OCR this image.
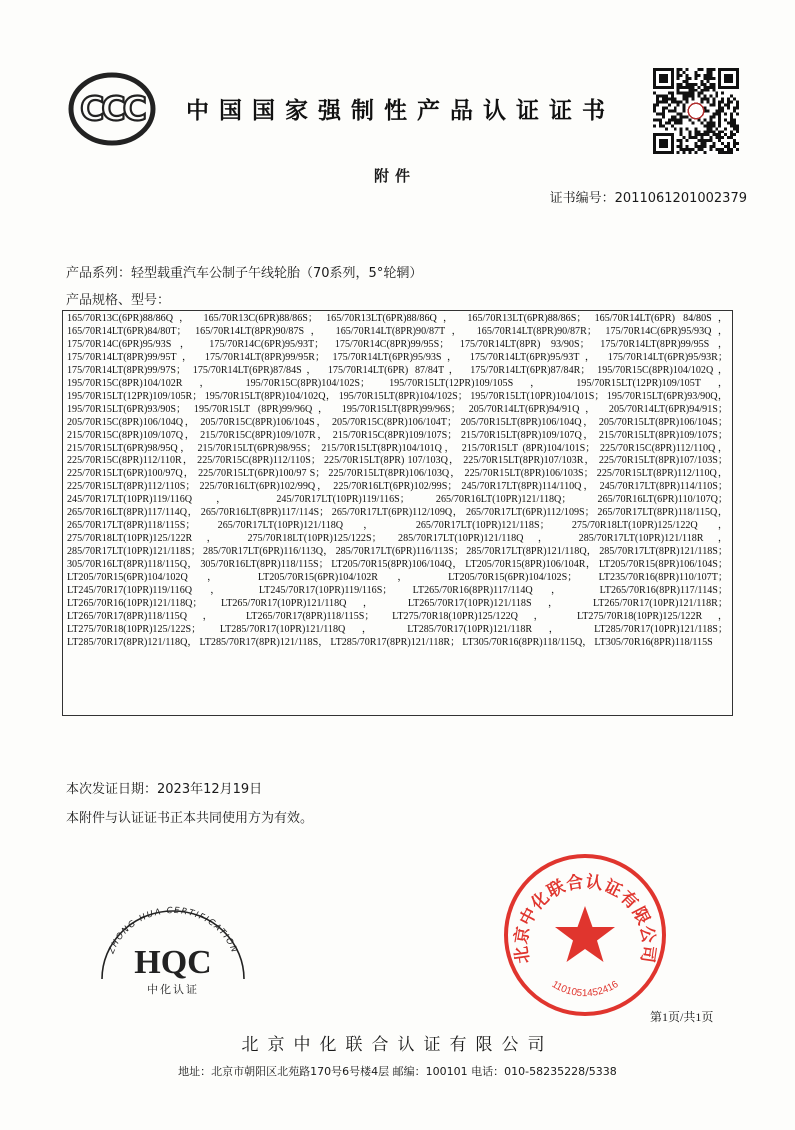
CCC 中国国家强制性产品认证证书
附件
证书编号：2011061201002379
产品系列：轻型载重汽车公制子午线轮胎（70系列，5°轮辋）
产品规格、型号：
165/70R13C(6PR)88/86Q， 165/70R13C(6PR)88/86S； 165/70R13LT(6PR)88/86Q， 165/70R13LT(6PR)88/86S； 165/70R14LT(6PR) 84/80S， 165/70R14LT(6PR)84/80T； 165/70R14LT(8PR)90/87S， 165/70R14LT(8PR)90/87T， 165/70R14LT(8PR)90/87R； 175/70R14C(6PR)95/93Q， 175/70R14C(6PR)95/93S， 175/70R14C(6PR)95/93T； 175/70R14C(8PR)99/95S； 175/70R14LT(8PR) 93/90S； 175/70R14LT(8PR)99/95S， 175/70R14LT(8PR)99/95T， 175/70R14LT(8PR)99/95R； 175/70R14LT(6PR)95/93S， 175/70R14LT(6PR)95/93T， 175/70R14LT(6PR)95/93R； 175/70R14LT(8PR)99/97S； 175/70R14LT(6PR)87/84S， 175/70R14LT(6PR) 87/84T， 175/70R14LT(6PR)87/84R； 195/70R15C(8PR)104/102Q， 195/70R15C(8PR)104/102R， 195/70R15C(8PR)104/102S； 195/70R15LT(12PR)109/105S， 195/70R15LT(12PR)109/105T， 195/70R15LT(12PR)109/105R； 195/70R15LT(8PR)104/102Q， 195/70R15LT(8PR)104/102S； 195/70R15LT(10PR)104/101S； 195/70R15LT(6PR)93/90Q， 195/70R15LT(6PR)93/90S； 195/70R15LT (8PR)99/96Q， 195/70R15LT(8PR)99/96S； 205/70R14LT(6PR)94/91Q， 205/70R14LT(6PR)94/91S； 205/70R15C(8PR)106/104Q， 205/70R15C(8PR)106/104S， 205/70R15C(8PR)106/104T； 205/70R15LT(8PR)106/104Q， 205/70R15LT(8PR)106/104S； 215/70R15C(8PR)109/107Q， 215/70R15C(8PR)109/107R， 215/70R15C(8PR)109/107S； 215/70R15LT(8PR)109/107Q， 215/70R15LT(8PR)109/107S； 215/70R15LT(6PR)98/95Q， 215/70R15LT(6PR)98/95S； 215/70R15LT(8PR)104/101Q， 215/70R15LT (8PR)104/101S； 225/70R15C(8PR)112/110Q， 225/70R15C(8PR)112/110R， 225/70R15C(8PR)112/110S； 225/70R15LT(8PR) 107/103Q， 225/70R15LT(8PR)107/103R， 225/70R15LT(8PR)107/103S； 225/70R15LT(6PR)100/97Q， 225/70R15LT(6PR)100/97 S； 225/70R15LT(8PR)106/103Q， 225/70R15LT(8PR)106/103S； 225/70R15LT(8PR)112/110Q， 225/70R15LT(8PR)112/110S； 225/70R16LT(6PR)102/99Q， 225/70R16LT(6PR)102/99S； 245/70R17LT(8PR)114/110Q， 245/70R17LT(8PR)114/110S； 245/70R17LT(10PR)119/116Q， 245/70R17LT(10PR)119/116S； 265/70R16LT(10PR)121/118Q； 265/70R16LT(6PR)110/107Q； 265/70R16LT(8PR)117/114Q， 265/70R16LT(8PR)117/114S； 265/70R17LT(6PR)112/109Q， 265/70R17LT(6PR)112/109S； 265/70R17LT(8PR)118/115Q， 265/70R17LT(8PR)118/115S； 265/70R17LT(10PR)121/118Q， 265/70R17LT(10PR)121/118S； 275/70R18LT(10PR)125/122Q， 275/70R18LT(10PR)125/122R， 275/70R18LT(10PR)125/122S； 285/70R17LT(10PR)121/118Q， 285/70R17LT(10PR)121/118R， 285/70R17LT(10PR)121/118S； 285/70R17LT(6PR)116/113Q， 285/70R17LT(6PR)116/113S； 285/70R17LT(8PR)121/118Q， 285/70R17LT(8PR)121/118S； 305/70R16LT(8PR)118/115Q， 305/70R16LT(8PR)118/115S； LT205/70R15(8PR)106/104Q， LT205/70R15(8PR)106/104R， LT205/70R15(8PR)106/104S； LT205/70R15(6PR)104/102Q， LT205/70R15(6PR)104/102R， LT205/70R15(6PR)104/102S； LT235/70R16(8PR)110/107T； LT245/70R17(10PR)119/116Q， LT245/70R17(10PR)119/116S； LT265/70R16(8PR)117/114Q， LT265/70R16(8PR)117/114S； LT265/70R16(10PR)121/118Q； LT265/70R17(10PR)121/118Q， LT265/70R17(10PR)121/118S， LT265/70R17(10PR)121/118R； LT265/70R17(8PR)118/115Q， LT265/70R17(8PR)118/115S； LT275/70R18(10PR)125/122Q， LT275/70R18(10PR)125/122R， LT275/70R18(10PR)125/122S； LT285/70R17(10PR)121/118Q， LT285/70R17(10PR)121/118R， LT285/70R17(10PR)121/118S； LT285/70R17(8PR)121/118Q， LT285/70R17(8PR)121/118S， LT285/70R17(8PR)121/118R； LT305/70R16(8PR)118/115Q， LT305/70R16(8PR)118/115S
本次发证日期：2023年12月19日
本附件与认证证书正本共同使用方为有效。
ZHONG HUA CERTIFICATION
HQC
中化认证
北京中化联合认证有限公司
1101051452416
第1页/共1页
北京中化联合认证有限公司
地址：北京市朝阳区北苑路170号6号楼4层 邮编：100101 电话：010-58235228/5338
